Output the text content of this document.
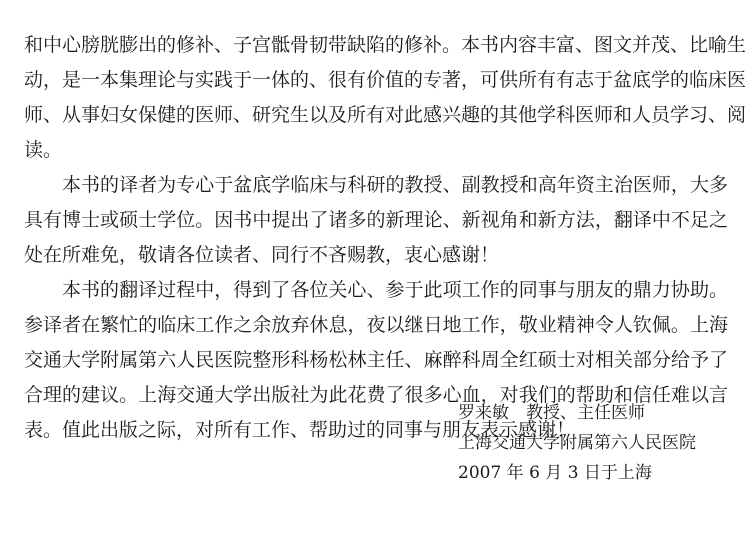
和中心膀胱膨出的修补、子宫骶骨韧带缺陷的修补。本书内容丰富、图文并茂、比喻生
动，是一本集理论与实践于一体的、很有价值的专著，可供所有有志于盆底学的临床医
师、从事妇女保健的医师、研究生以及所有对此感兴趣的其他学科医师和人员学习、阅
读。
本书的译者为专心于盆底学临床与科研的教授、副教授和高年资主治医师，大多
具有博士或硕士学位。因书中提出了诸多的新理论、新视角和新方法，翻译中不足之
处在所难免，敬请各位读者、同行不吝赐教，衷心感谢！
本书的翻译过程中，得到了各位关心、参于此项工作的同事与朋友的鼎力协助。
参译者在繁忙的临床工作之余放弃休息，夜以继日地工作，敬业精神令人钦佩。上海
交通大学附属第六人民医院整形科杨松林主任、麻醉科周全红硕士对相关部分给予了
合理的建议。上海交通大学出版社为此花费了很多心血，对我们的帮助和信任难以言
表。值此出版之际，对所有工作、帮助过的同事与朋友表示感谢！
罗来敏　教授、主任医师
上海交通大学附属第六人民医院
2007 年 6 月 3 日于上海
